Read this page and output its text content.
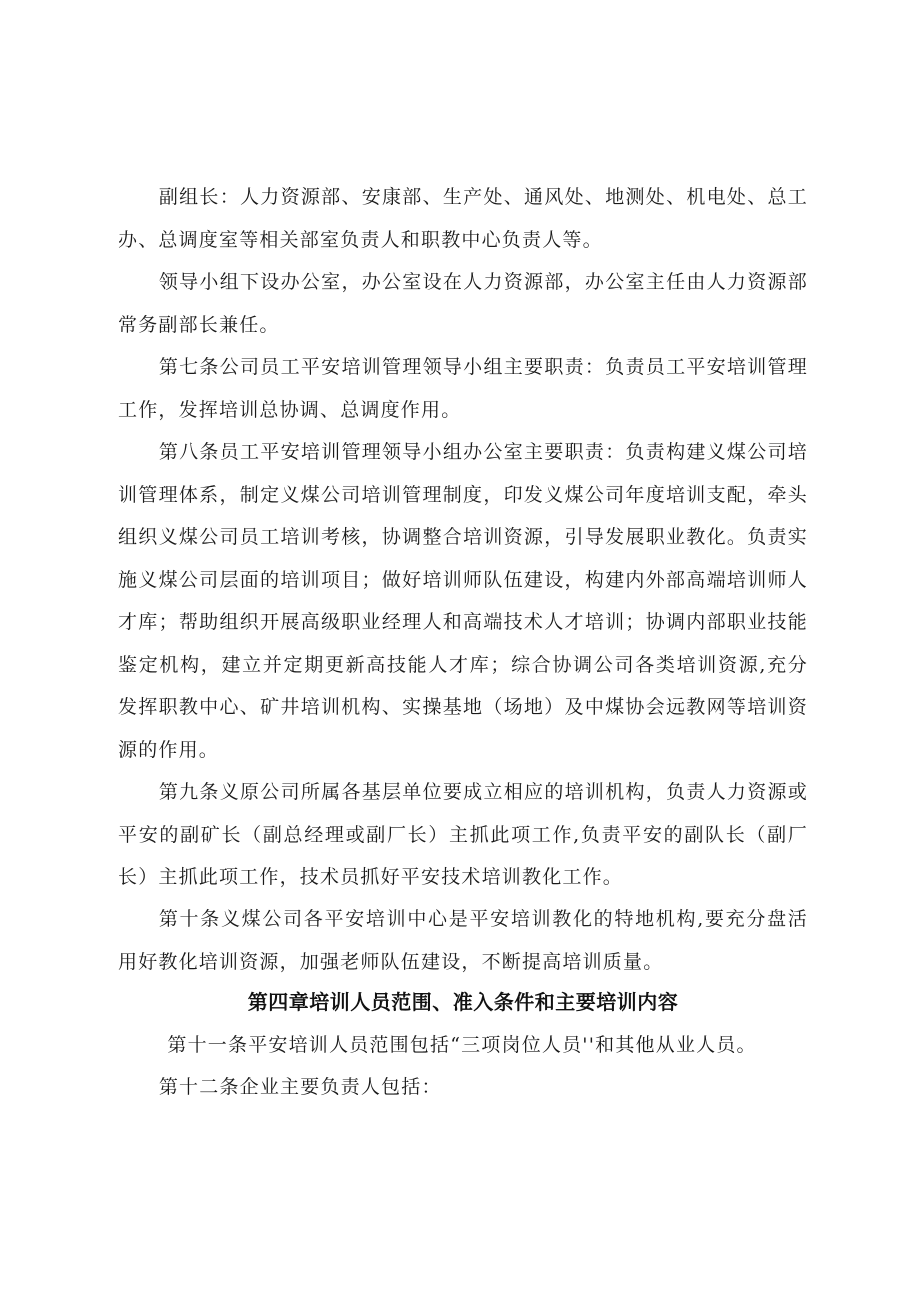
副组长：人力资源部、安康部、生产处、通风处、地测处、机电处、总工办、总调度室等相关部室负责人和职教中心负责人等。

领导小组下设办公室，办公室设在人力资源部，办公室主任由人力资源部常务副部长兼任。

第七条公司员工平安培训管理领导小组主要职责：负责员工平安培训管理工作，发挥培训总协调、总调度作用。

第八条员工平安培训管理领导小组办公室主要职责：负责构建义煤公司培训管理体系，制定义煤公司培训管理制度，印发义煤公司年度培训支配，牵头组织义煤公司员工培训考核，协调整合培训资源，引导发展职业教化。负责实施义煤公司层面的培训项目；做好培训师队伍建设，构建内外部高端培训师人才库；帮助组织开展高级职业经理人和高端技术人才培训；协调内部职业技能鉴定机构，建立并定期更新高技能人才库；综合协调公司各类培训资源,充分发挥职教中心、矿井培训机构、实操基地（场地）及中煤协会远教网等培训资源的作用。

第九条义原公司所属各基层单位要成立相应的培训机构，负责人力资源或平安的副矿长（副总经理或副厂长）主抓此项工作,负责平安的副队长（副厂长）主抓此项工作，技术员抓好平安技术培训教化工作。

第十条义煤公司各平安培训中心是平安培训教化的特地机构,要充分盘活用好教化培训资源，加强老师队伍建设，不断提高培训质量。

第四章培训人员范围、准入条件和主要培训内容

第十一条平安培训人员范围包括“三项岗位人员''和其他从业人员。

第十二条企业主要负责人包括：
